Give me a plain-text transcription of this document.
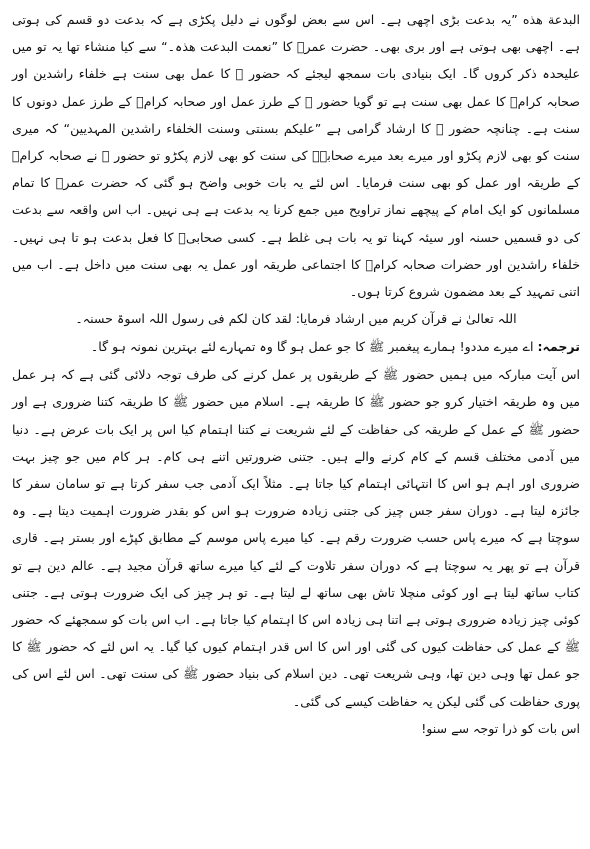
البدعة هذه ”یہ بدعت بڑی اچھی ہے۔ اس سے بعض لوگوں نے دلیل پکڑی ہے کہ بدعت دو قسم کی ہوتی ہے۔ اچھی بھی ہوتی ہے اور بری بھی۔ حضرت عمرؓ کا ”نعمت البدعت ھذہ۔“ سے کیا منشاء تھا یہ تو میں علیحدہ ذکر کروں گا۔ ایک بنیادی بات سمجھ لیجئے کہ حضور ﷺ کا عمل بھی سنت ہے خلفاء راشدین اور صحابہ کرامؓ کا عمل بھی سنت ہے تو گویا حضور ﷺ کے طرز عمل اور صحابہ کرامؓ کے طرز عمل دونوں کا سنت ہے۔ چنانچہ حضور ﷺ کا ارشاد گرامی ہے ”علیکم بسنتی وسنت الخلفاء راشدین المہدیین“ کہ میری سنت کو بھی لازم پکڑو اور میرے بعد میرے صحابہؓ کی سنت کو بھی لازم پکڑو تو حضور ﷺ نے صحابہ کرامؓ کے طریقہ اور عمل کو بھی سنت فرمایا۔ اس لئے یہ بات خوبی واضح ہو گئی کہ حضرت عمرؓ کا تمام مسلمانوں کو ایک امام کے پیچھے نماز تراویح میں جمع کرنا یہ بدعت ہے ہی نہیں۔ اب اس واقعہ سے بدعت کی دو قسمیں حسنہ اور سیئہ کہنا تو یہ بات ہی غلط ہے۔ کسی صحابیؓ کا فعل بدعت ہو تا ہی نہیں۔ خلفاء راشدین اور حضرات صحابہ کرامؓ کا اجتماعی طریقہ اور عمل یہ بھی سنت میں داخل ہے۔ اب میں اتنی تمہید کے بعد مضمون شروع کرتا ہوں۔

اللہ تعالیٰ نے قرآن کریم میں ارشاد فرمایا: لقد کان لکم فی رسول اللہ اسوۃ حسنہ۔

ترجمہ: اے میرے مددو! ہمارے پیغمبر ﷺ کا جو عمل ہو گا وہ تمہارے لئے بہترین نمونہ ہو گا۔

اس آیت مبارکہ میں ہمیں حضور ﷺ کے طریقوں پر عمل کرنے کی طرف توجہ دلائی گئی ہے کہ ہر عمل میں وہ طریقہ اختیار کرو جو حضور ﷺ کا طریقہ ہے۔ اسلام میں حضور ﷺ کا طریقہ کتنا ضروری ہے اور حضور ﷺ کے عمل کے طریقہ کی حفاظت کے لئے شریعت نے کتنا اہتمام کیا اس پر ایک بات عرض ہے۔ دنیا میں آدمی مختلف قسم کے کام کرنے والے ہیں۔ جتنی ضرورتیں اتنے ہی کام۔ ہر کام میں جو چیز بہت ضروری اور اہم ہو اس کا انتہائی اہتمام کیا جاتا ہے۔ مثلاً ایک آدمی جب سفر کرتا ہے تو سامان سفر کا جائزہ لیتا ہے۔ دوران سفر جس چیز کی جتنی زیادہ ضرورت ہو اس کو بقدر ضرورت اہمیت دیتا ہے۔ وہ سوچتا ہے کہ میرے پاس حسب ضرورت رقم ہے۔ کیا میرے پاس موسم کے مطابق کپڑے اور بستر ہے۔ قاری قرآن ہے تو پھر یہ سوچتا ہے کہ دوران سفر تلاوت کے لئے کیا میرے ساتھ قرآن مجید ہے۔ عالم دین ہے تو کتاب ساتھ لیتا ہے اور کوئی منچلا تاش بھی ساتھ لے لیتا ہے۔ تو ہر چیز کی ایک ضرورت ہوتی ہے۔ جتنی کوئی چیز زیادہ ضروری ہوتی ہے اتنا ہی زیادہ اس کا اہتمام کیا جاتا ہے۔ اب اس بات کو سمجھئے کہ حضور ﷺ کے عمل کی حفاظت کیوں کی گئی اور اس کا اس قدر اہتمام کیوں کیا گیا۔ یہ اس لئے کہ حضور ﷺ کا جو عمل تھا وہی دین تھا، وہی شریعت تھی۔ دین اسلام کی بنیاد حضور ﷺ کی سنت تھی۔ اس لئے اس کی پوری حفاظت کی گئی لیکن یہ حفاظت کیسے کی گئی۔

اس بات کو ذرا توجہ سے سنو!
